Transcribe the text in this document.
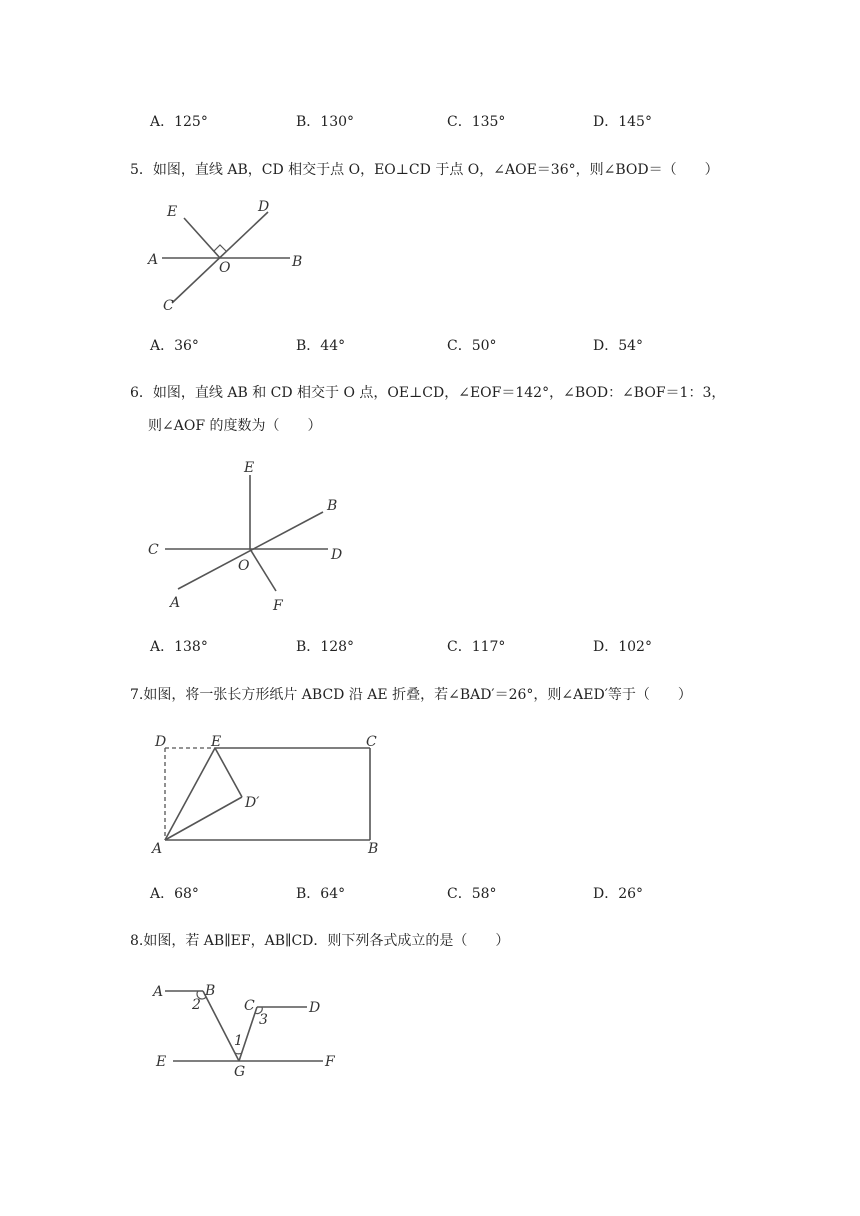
A．125°	B．130°	C．135°	D．145°
5．如图，直线 AB，CD 相交于点 O，EO⊥CD 于点 O，∠AOE＝36°，则∠BOD＝（　　）
E	D
A	O	B
C
A．36°	B．44°	C．50°	D．54°
6．如图，直线 AB 和 CD 相交于 O 点，OE⊥CD，∠EOF＝142°，∠BOD：∠BOF＝1：3，
则∠AOF 的度数为（　　）
E
B
C	D
O
A	F
A．138°	B．128°	C．117°	D．102°
7.如图，将一张长方形纸片 ABCD 沿 AE 折叠，若∠BAD′＝26°，则∠AED′等于（　　）
D	E	C
D′
A	B
A．68°	B．64°	C．58°	D．26°
8.如图，若 AB∥EF，AB∥CD．则下列各式成立的是（　　）
A	B
2	C
3
D
1
E
G
F
